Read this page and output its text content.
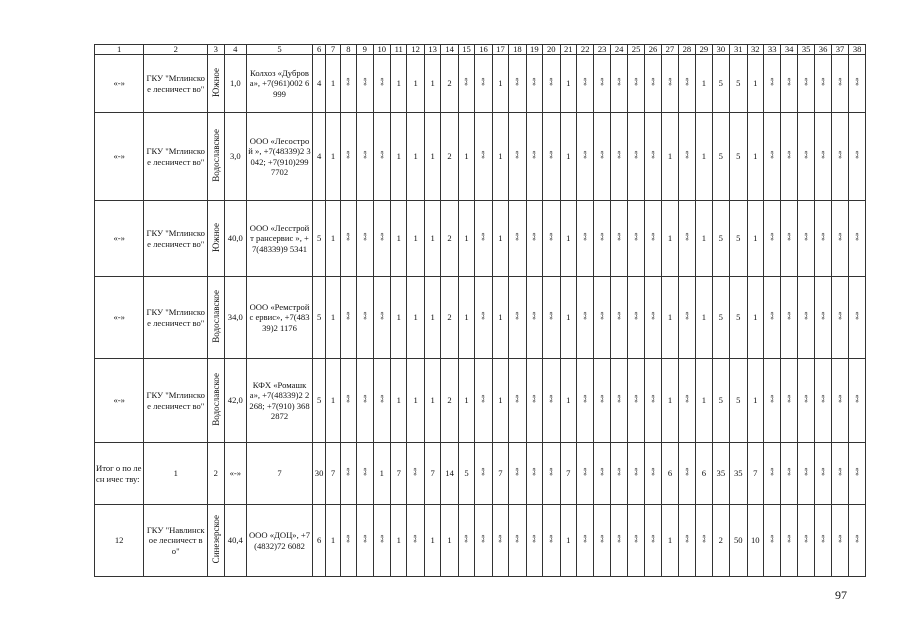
1	2	3	4	5	6	7	8	9	10	11	12	13	14	15	16	17	18	19	20	21	22	23	24	25	26	27	28	29	30	31	32	33	34	35	36	37	38
«-»	ГКУ "Мглинско е лесничест во"	Южное	1,0	Колхоз «Дуброва», +7(961)002 6999	4	1	«-»	«-»	«-»	1	1	1	2	«-»	«-»	1	«-»	«-»	«-»	1	«-»	«-»	«-»	«-»	«-»	«-»	«-»	1	5	5	1	«-»	«-»	«-»	«-»	«-»	«-»
«-»	ГКУ "Мглинско е лесничест во"	Водославское	3,0	ООО «Лесострой », +7(48339)2 3042; +7(910)299 7702	4	1	«-»	«-»	«-»	1	1	1	2	1	«-»	1	«-»	«-»	«-»	1	«-»	«-»	«-»	«-»	«-»	1	«-»	1	5	5	1	«-»	«-»	«-»	«-»	«-»	«-»
«-»	ГКУ "Мглинско е лесничест во"	Южное	40,0	ООО «Лесстройт рансервис », +7(48339)9 5341	5	1	«-»	«-»	«-»	1	1	1	2	1	«-»	1	«-»	«-»	«-»	1	«-»	«-»	«-»	«-»	«-»	1	«-»	1	5	5	1	«-»	«-»	«-»	«-»	«-»	«-»
«-»	ГКУ "Мглинско е лесничест во"	Водославское	34,0	ООО «Ремстройс ервис», +7(48339)2 1176	5	1	«-»	«-»	«-»	1	1	1	2	1	«-»	1	«-»	«-»	«-»	1	«-»	«-»	«-»	«-»	«-»	1	«-»	1	5	5	1	«-»	«-»	«-»	«-»	«-»	«-»
«-»	ГКУ "Мглинско е лесничест во"	Водославское	42,0	КФХ «Ромашка», +7(48339)2 2268; +7(910) 3682872	5	1	«-»	«-»	«-»	1	1	1	2	1	«-»	1	«-»	«-»	«-»	1	«-»	«-»	«-»	«-»	«-»	1	«-»	1	5	5	1	«-»	«-»	«-»	«-»	«-»	«-»

Итог о по лесн ичес тву:	1	2	«-»	7	30	7	«-»	«-»	1	7	«-»	7	14	5	«-»	7	«-»	«-»	«-»	7	«-»	«-»	«-»	«-»	«-»	6	«-»	6	35	35	7	«-»	«-»	«-»	«-»	«-»	«-»
12	ГКУ "Навлинск ое лесничест во"	Синезерское	40,4	ООО «ДОЦ», +7(4832)72 6082	6	1	«-»	«-»	«-»	1	«-»	1	1	«-»	«-»	«-»	«-»	«-»	«-»	1	«-»	«-»	«-»	«-»	«-»	1	«-»	«-»	2	50	10	«-»	«-»	«-»	«-»	«-»	«-»
97
